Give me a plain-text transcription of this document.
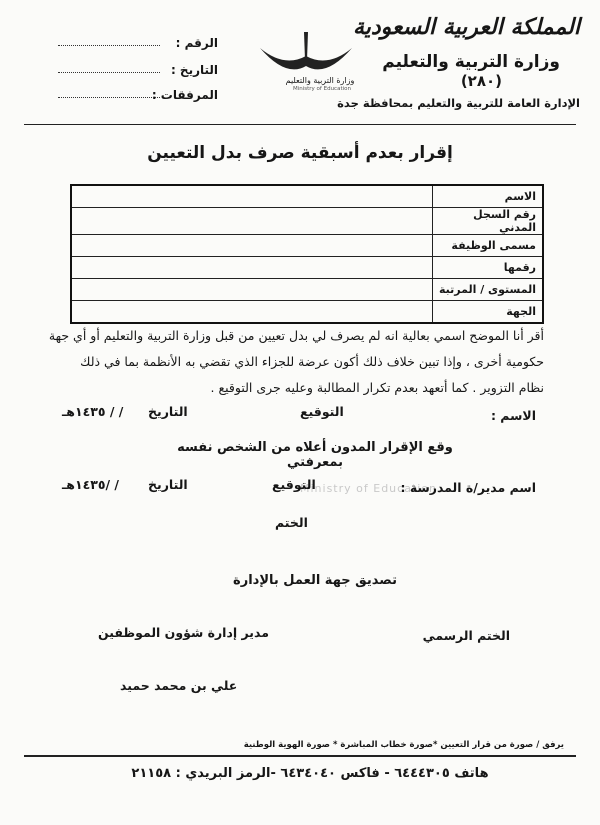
المملكة العربية السعودية
وزارة التربية والتعليم
(٢٨٠)
الإدارة العامة للتربية والتعليم بمحافظة جدة
وزارة التربية والتعليم
Ministry of Education
الرقم :
التاريخ :
المرفقات :
إقرار بعدم أسبقية صرف بدل التعيين
	الاسم
	رقم السجل المدني
	مسمى الوظيفة
	رقمها
	المستوى / المرتبة
	الجهة
أقر أنا الموضح اسمي بعالية انه لم يصرف لي بدل تعيين من قبل وزارة التربية والتعليم أو أي جهة
حكومية أخرى ، وإذا تبين خلاف ذلك أكون عرضة للجزاء الذي تقضي به الأنظمة بما في ذلك
نظام التزوير . كما أتعهد بعدم تكرار المطالبة وعليه جرى التوقيع .
الاسم :
التوقيع
التاريخ
/ / ١٤٣٥هـ
وقع الإقرار المدون أعلاه من الشخص نفسه بمعرفتي
Ministry of Education
اسم مدير/ة المدرسة :
التوقيع
التاريخ
/ /١٤٣٥هـ
الختم
تصديق جهة العمل بالإدارة
الختم الرسمي
مدير إدارة شؤون الموظفين
علي بن محمد حميد
يرفق / صورة من قرار التعيين *صورة خطاب المباشرة * صورة الهوية الوطنية
هاتف ٦٤٤٤٣٠٥ - فاكس ٦٤٣٤٠٤٠ -الرمز البريدي : ٢١١٥٨
